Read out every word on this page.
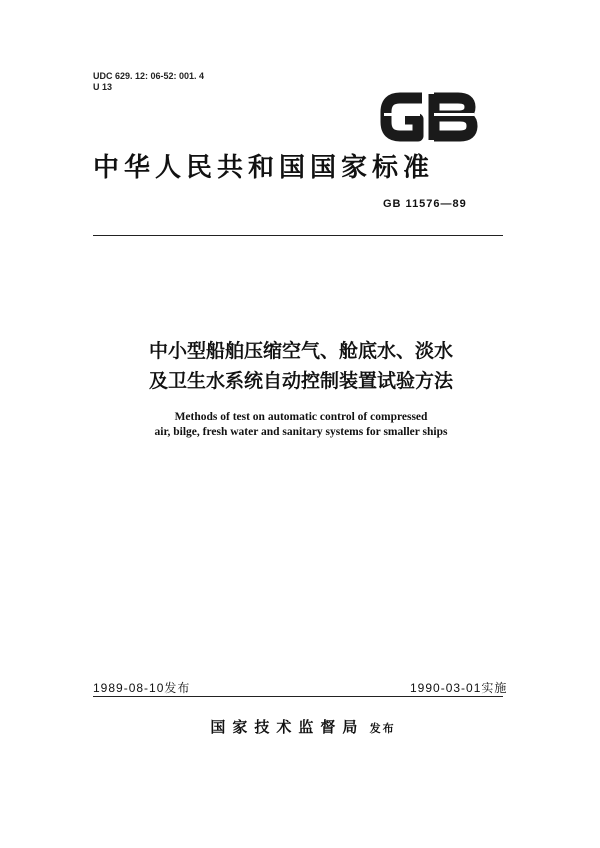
UDC 629. 12: 06-52: 001. 4
U 13
中华人民共和国国家标准
GB 11576—89
中小型船舶压缩空气、舱底水、淡水
及卫生水系统自动控制装置试验方法
Methods of test on automatic control of compressed
air, bilge, fresh water and sanitary systems for smaller ships
1989-08-10发布	1990-03-01实施
国家技术监督局 发布
